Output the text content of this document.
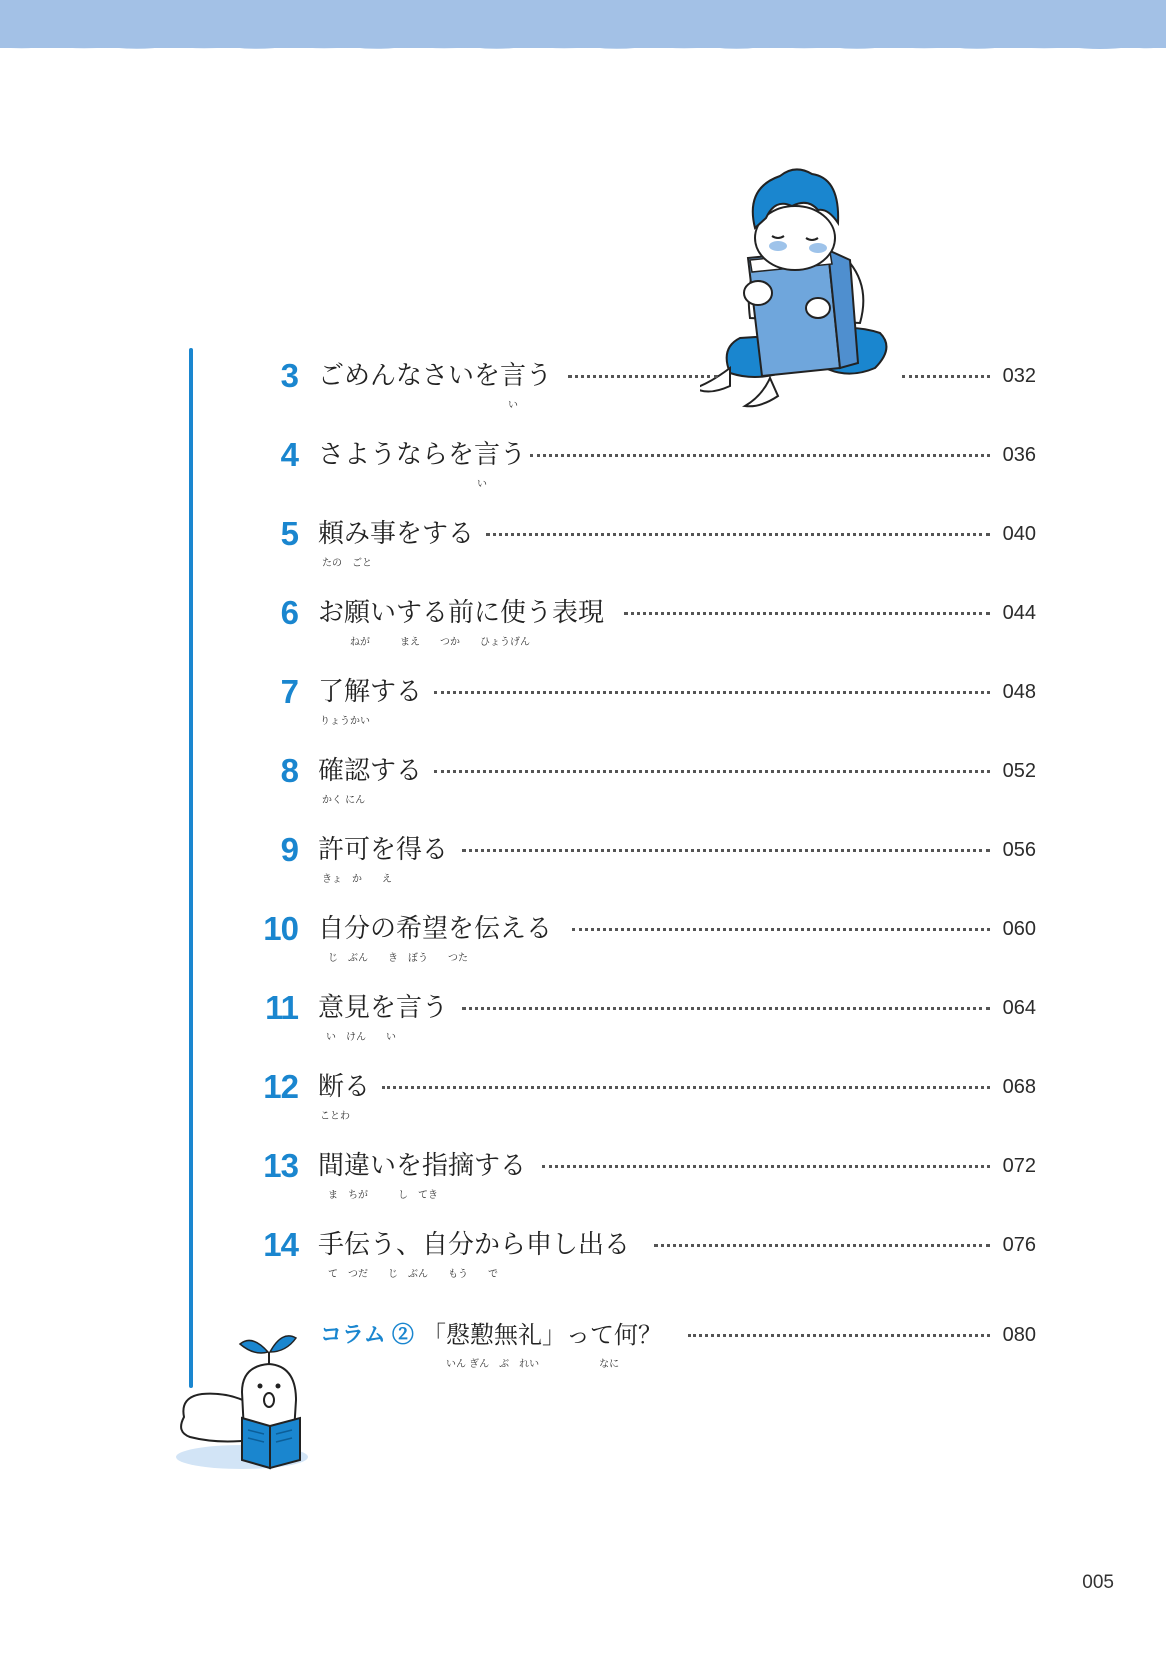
3 ごめんなさいを言う
い
032
4 さようならを言う
い
036
5 頼み事をする
たの　ごと
040
6 お願いする前に使う表現
ねが　　　まえ　　つか　　ひょうげん
044
7 了解する
りょうかい
048
8 確認する
かく にん
052
9 許可を得る
きょ　か　　え
056
10 自分の希望を伝える
じ　ぶん　　き　ぼう　　つた
060
11 意見を言う
い　けん　　い
064
12 断る
ことわ
068
13 間違いを指摘する
ま　ちが　　　し　てき
072
14 手伝う、自分から申し出る
て　つだ　　じ　ぶん　　もう　　で
076
コラム ② 「慇懃無礼」って何？
いん ぎん　ぶ　れい　　　　　　なに
080
005
